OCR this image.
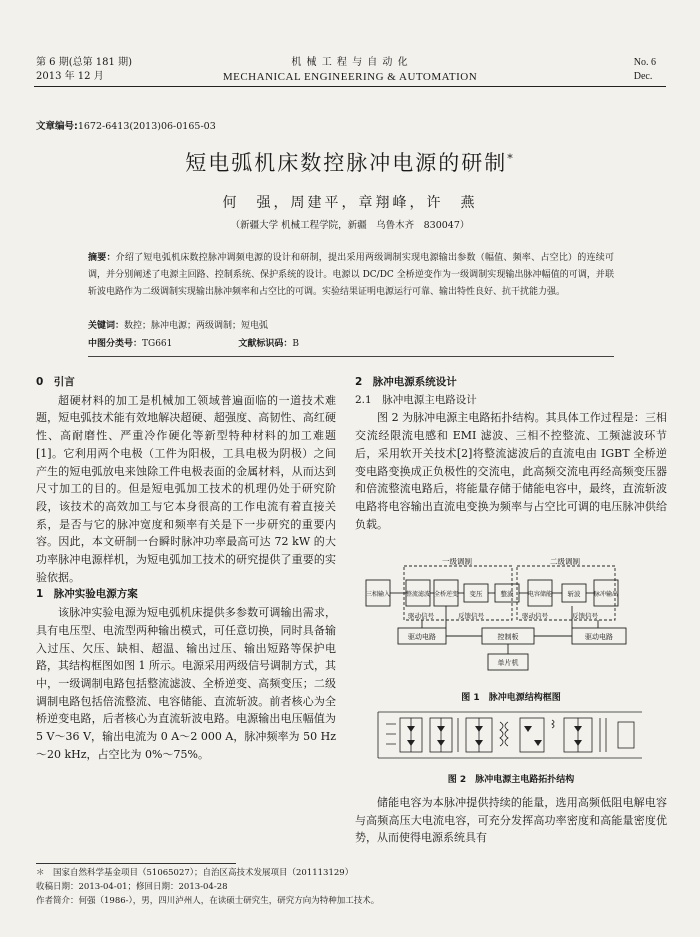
第 6 期(总第 181 期)
2013 年 12 月
机 械 工 程 与 自 动 化
MECHANICAL ENGINEERING & AUTOMATION
No. 6
Dec.
文章编号:1672-6413(2013)06-0165-03
短电弧机床数控脉冲电源的研制*
何　强，周建平，章翔峰，许　燕
（新疆大学 机械工程学院，新疆　乌鲁木齐　830047）
摘要：介绍了短电弧机床数控脉冲调频电源的设计和研制，提出采用两级调制实现电源输出参数（幅值、频率、占空比）的连续可调，并分别阐述了电源主回路、控制系统、保护系统的设计。电源以 DC/DC 全桥逆变作为一级调制实现输出脉冲幅值的可调，并联斩波电路作为二级调制实现输出脉冲频率和占空比的可调。实验结果证明电源运行可靠、输出特性良好、抗干扰能力强。
关键词：数控；脉冲电源；两级调制；短电弧
中图分类号：TG661	文献标识码：B
0　引言

超硬材料的加工是机械加工领域普遍面临的一道技术难题，短电弧技术能有效地解决超硬、超强度、高韧性、高红硬性、高耐磨性、严重冷作硬化等新型特种材料的加工难题[1]。它利用两个电极（工件为阳极，工具电极为阴极）之间产生的短电弧放电来蚀除工件电极表面的金属材料，从而达到尺寸加工的目的。但是短电弧加工技术的机理仍处于研究阶段，该技术的高效加工与它本身很高的工作电流有着直接关系，是否与它的脉冲宽度和频率有关是下一步研究的重要内容。因此，本文研制一台瞬时脉冲功率最高可达 72 kW 的大功率脉冲电源样机，为短电弧加工技术的研究提供了重要的实验依据。

1　脉冲实验电源方案

该脉冲实验电源为短电弧机床提供多参数可调输出需求，具有电压型、电流型两种输出模式，可任意切换，同时具备输入过压、欠压、缺相、超温、输出过压、输出短路等保护电路，其结构框图如图 1 所示。电源采用两级信号调制方式，其中，一级调制电路包括整流滤波、全桥逆变、高频变压；二级调制电路包括倍流整流、电容储能、直流斩波。前者核心为全桥逆变电路，后者核心为直流斩波电路。电源输出电压幅值为 5 V～36 V，输出电流为 0 A～2 000 A，脉冲频率为 50 Hz～20 kHz，占空比为 0%～75%。

2　脉冲电源系统设计
2.1　脉冲电源主电路设计

图 2 为脉冲电源主电路拓扑结构。其具体工作过程是：三相交流经限流电感和 EMI 滤波、三相不控整流、工频滤波环节后，采用软开关技术[2]将整流滤波后的直流电由 IGBT 全桥逆变电路变换成正负极性的交流电，此高频交流电再经高频变压器和倍流整流电路后，将能量存储于储能电容中，最终，直流斩波电路将电容输出直流电变换为频率与占空比可调的电压脉冲供给负载。

一级调制	二级调制
三相输入	整流滤波 全桥逆变 变压	整流 电容储能 斩波 脉冲输出
驱动信号	反馈信号	驱动信号	反馈信号
驱动电路	控制板	驱动电路
单片机
图 1　脉冲电源结构框图
图 2　脉冲电源主电路拓扑结构

储能电容为本脉冲提供持续的能量，选用高频低阻电解电容与高频高压大电流电容，可充分发挥高功率密度和高能量密度优势，从而使得电源系统具有

＊　国家自然科学基金项目（51065027）；自治区高技术发展项目（201113129）
收稿日期：2013-04-01；修回日期：2013-04-28
作者简介：何强（1986-），男，四川泸州人，在读硕士研究生，研究方向为特种加工技术。
